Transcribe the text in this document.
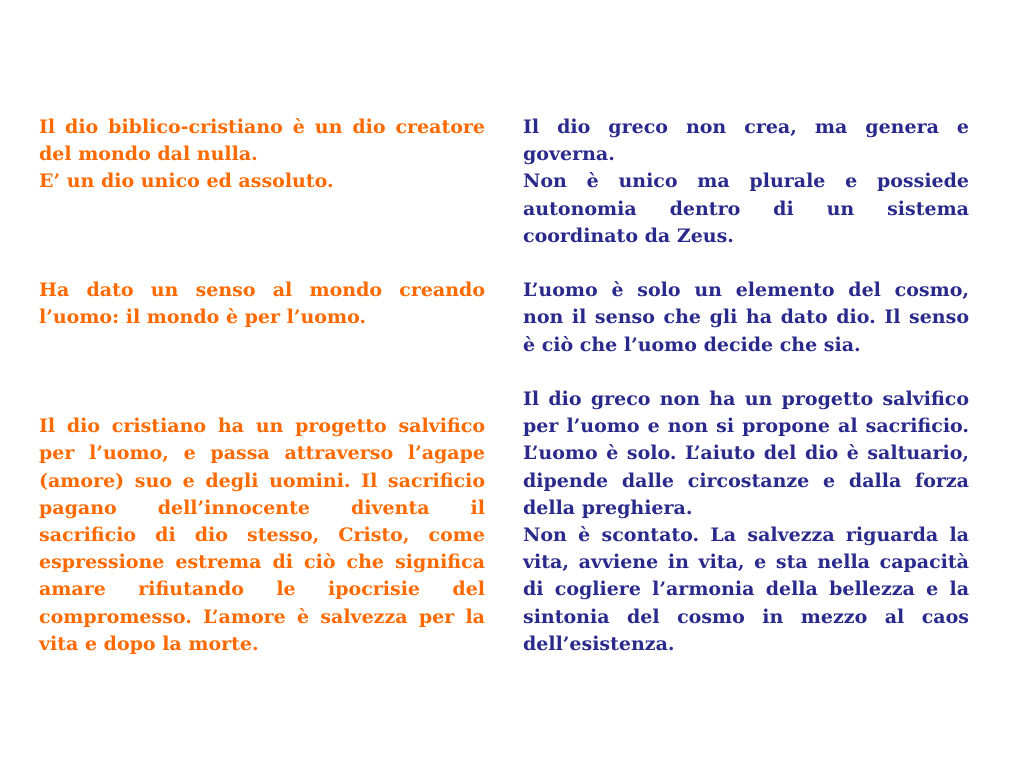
Il dio biblico-cristiano è un dio creatore del mondo dal nulla.

E’ un dio unico ed assoluto.

Ha dato un senso al mondo creando l’uomo: il mondo è per l’uomo.

Il dio cristiano ha un progetto salvifico per l’uomo, e passa attraverso l’agape (amore) suo e degli uomini. Il sacrificio pagano dell’innocente diventa il sacrificio di dio stesso, Cristo, come espressione estrema di ciò che significa amare rifiutando le ipocrisie del compromesso. L’amore è salvezza per la vita e dopo la morte.

Il dio greco non crea, ma genera e governa.

Non è unico ma plurale e possiede autonomia dentro di un sistema coordinato da Zeus.

L’uomo è solo un elemento del cosmo, non il senso che gli ha dato dio. Il senso è ciò che l’uomo decide che sia.

Il dio greco non ha un progetto salvifico per l’uomo e non si propone al sacrificio. L’uomo è solo. L’aiuto del dio è saltuario, dipende dalle circostanze e dalla forza della preghiera.

Non è scontato. La salvezza riguarda la vita, avviene in vita, e sta nella capacità di cogliere l’armonia della bellezza e la sintonia del cosmo in mezzo al caos dell’esistenza.
